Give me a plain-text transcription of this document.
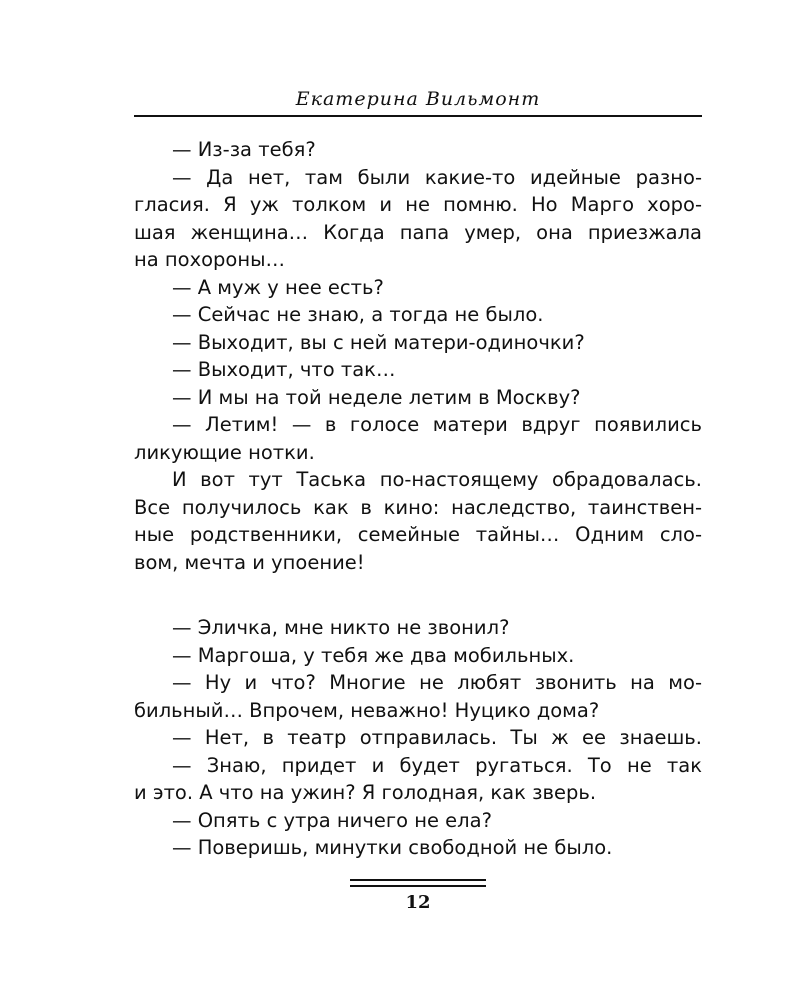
Екатерина Вильмонт
— Из-за тебя?
— Да нет, там были какие-то идейные разно-
гласия. Я уж толком и не помню. Но Марго хоро-
шая женщина… Когда папа умер, она приезжала
на похороны…
— А муж у нее есть?
— Сейчас не знаю, а тогда не было.
— Выходит, вы с ней матери-одиночки?
— Выходит, что так…
— И мы на той неделе летим в Москву?
— Летим! — в голосе матери вдруг появились
ликующие нотки.
И вот тут Таська по-настоящему обрадовалась.
Все получилось как в кино: наследство, таинствен-
ные родственники, семейные тайны… Одним сло-
вом, мечта и упоение!
— Эличка, мне никто не звонил?
— Маргоша, у тебя же два мобильных.
— Ну и что? Многие не любят звонить на мо-
бильный… Впрочем, неважно! Нуцико дома?
— Нет, в театр отправилась. Ты ж ее знаешь.
— Знаю, придет и будет ругаться. То не так
и это. А что на ужин? Я голодная, как зверь.
— Опять с утра ничего не ела?
— Поверишь, минутки свободной не было.
12
